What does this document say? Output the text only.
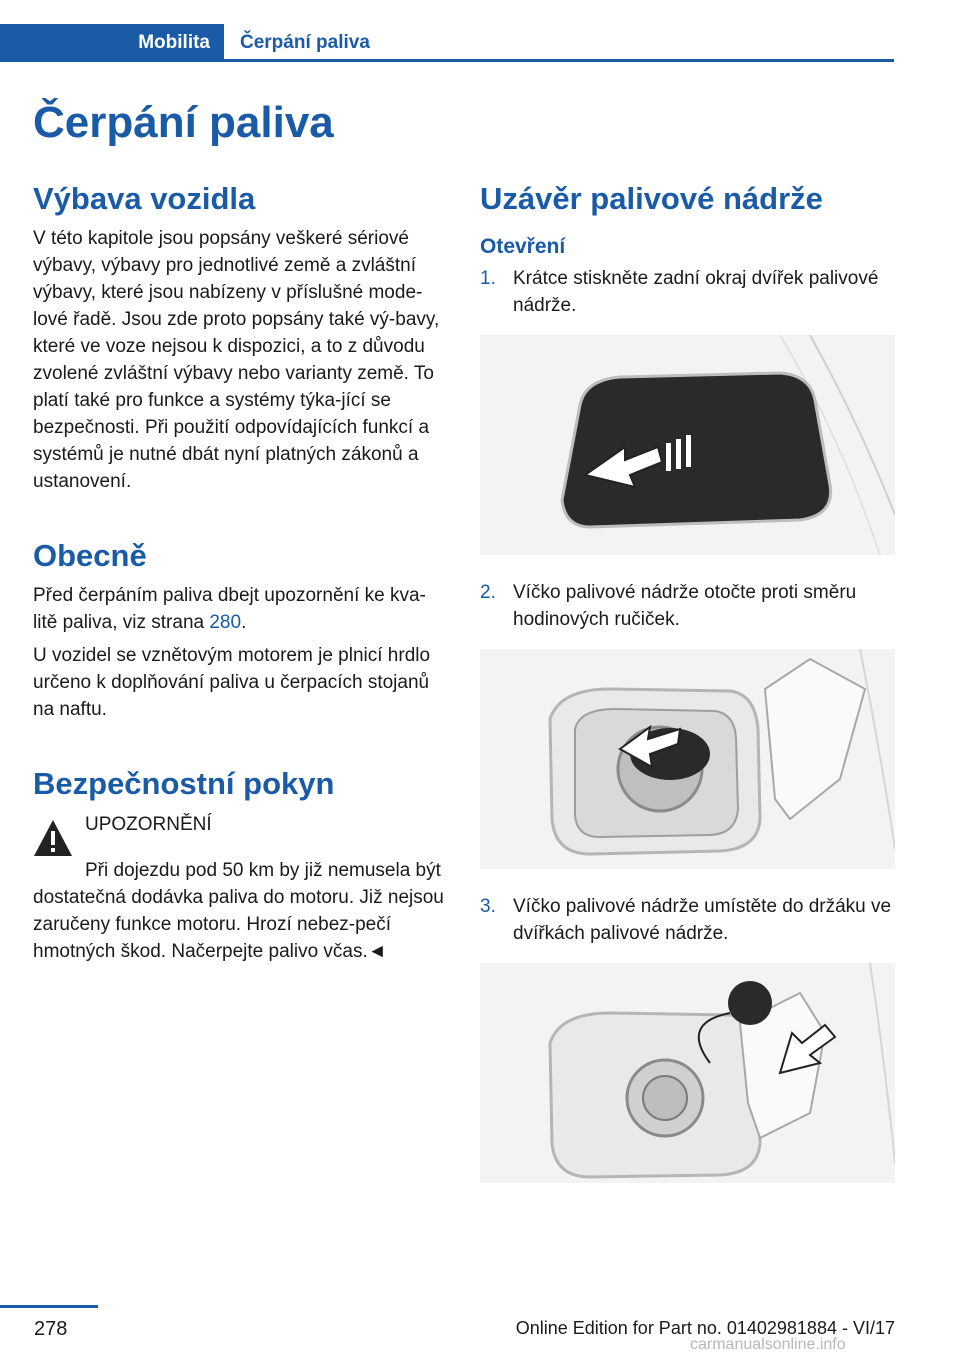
Mobilita	Čerpání paliva
Čerpání paliva
Výbava vozidla

V této kapitole jsou popsány veškeré sériové výbavy, výbavy pro jednotlivé země a zvláštní výbavy, které jsou nabízeny v příslušné mode-lové řadě. Jsou zde proto popsány také vý-bavy, které ve voze nejsou k dispozici, a to z důvodu zvolené zvláštní výbavy nebo varianty země. To platí také pro funkce a systémy týka-jící se bezpečnosti. Při použití odpovídajících funkcí a systémů je nutné dbát nyní platných zákonů a ustanovení.

Obecně

Před čerpáním paliva dbejt upozornění ke kva-litě paliva, viz strana 280.

U vozidel se vznětovým motorem je plnicí hrdlo určeno k doplňování paliva u čerpacích stojanů na naftu.

Bezpečnostní pokyn
UPOZORNĚNÍ

Při dojezdu pod 50 km by již nemusela být dostatečná dodávka paliva do motoru. Již nejsou zaručeny funkce motoru. Hrozí nebez-pečí hmotných škod. Načerpejte palivo včas.◄

Uzávěr palivové nádrže
Otevření
1. Krátce stiskněte zadní okraj dvířek palivové nádrže.
2. Víčko palivové nádrže otočte proti směru hodinových ručiček.
3. Víčko palivové nádrže umístěte do držáku ve dvířkách palivové nádrže.
278	Online Edition for Part no. 01402981884 - VI/17
carmanualsonline.info
